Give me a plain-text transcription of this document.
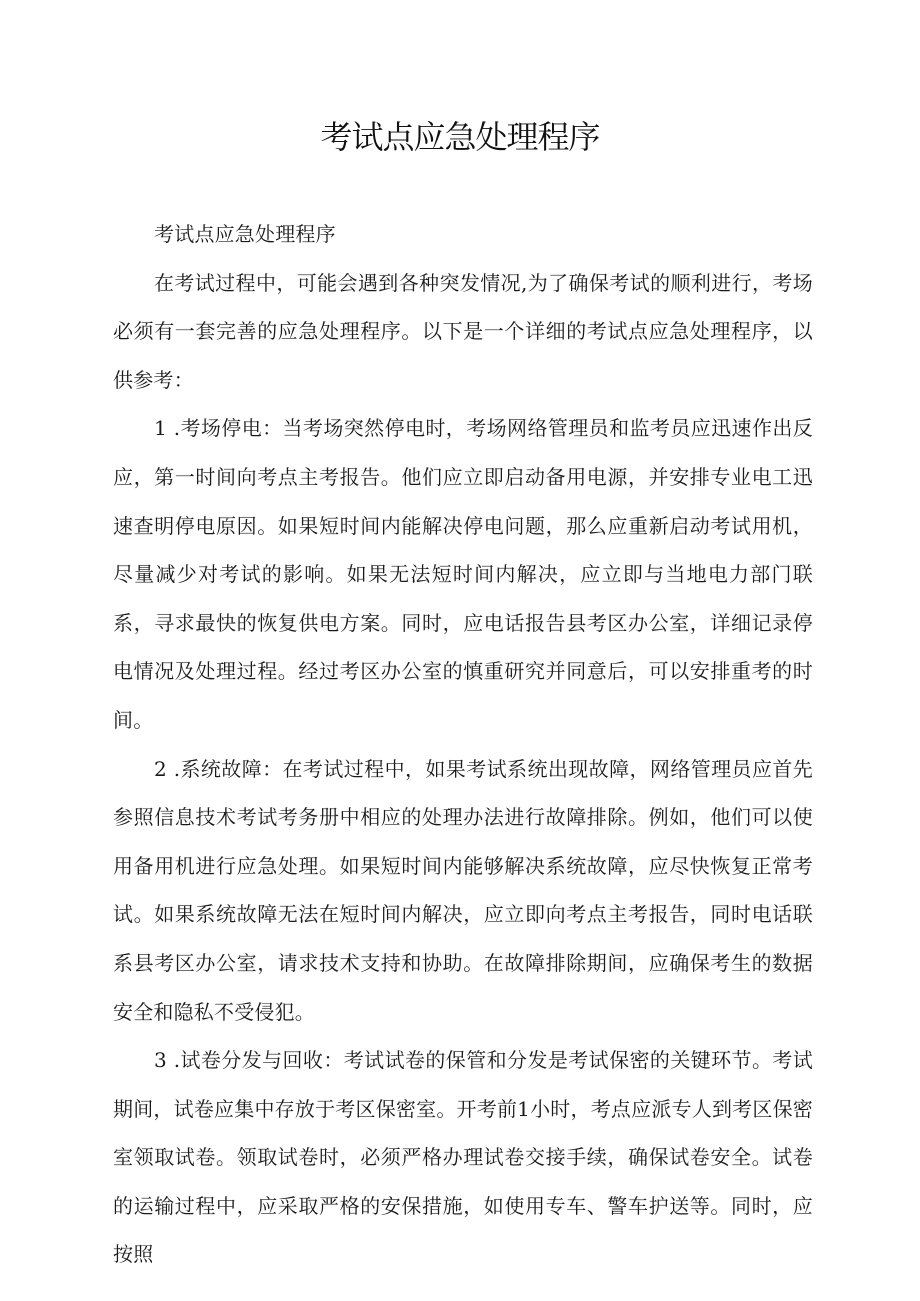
考试点应急处理程序

考试点应急处理程序

在考试过程中，可能会遇到各种突发情况,为了确保考试的顺利进行，考场必须有一套完善的应急处理程序。以下是一个详细的考试点应急处理程序，以供参考：

1 .考场停电：当考场突然停电时，考场网络管理员和监考员应迅速作出反应，第一时间向考点主考报告。他们应立即启动备用电源，并安排专业电工迅速查明停电原因。如果短时间内能解决停电问题，那么应重新启动考试用机，尽量减少对考试的影响。如果无法短时间内解决，应立即与当地电力部门联系，寻求最快的恢复供电方案。同时，应电话报告县考区办公室，详细记录停电情况及处理过程。经过考区办公室的慎重研究并同意后，可以安排重考的时间。

2 .系统故障：在考试过程中，如果考试系统出现故障，网络管理员应首先参照信息技术考试考务册中相应的处理办法进行故障排除。例如，他们可以使用备用机进行应急处理。如果短时间内能够解决系统故障，应尽快恢复正常考试。如果系统故障无法在短时间内解决，应立即向考点主考报告，同时电话联系县考区办公室，请求技术支持和协助。在故障排除期间，应确保考生的数据安全和隐私不受侵犯。

3 .试卷分发与回收：考试试卷的保管和分发是考试保密的关键环节。考试期间，试卷应集中存放于考区保密室。开考前1小时，考点应派专人到考区保密室领取试卷。领取试卷时，必须严格办理试卷交接手续，确保试卷安全。试卷的运输过程中，应采取严格的安保措施，如使用专车、警车护送等。同时，应按照
